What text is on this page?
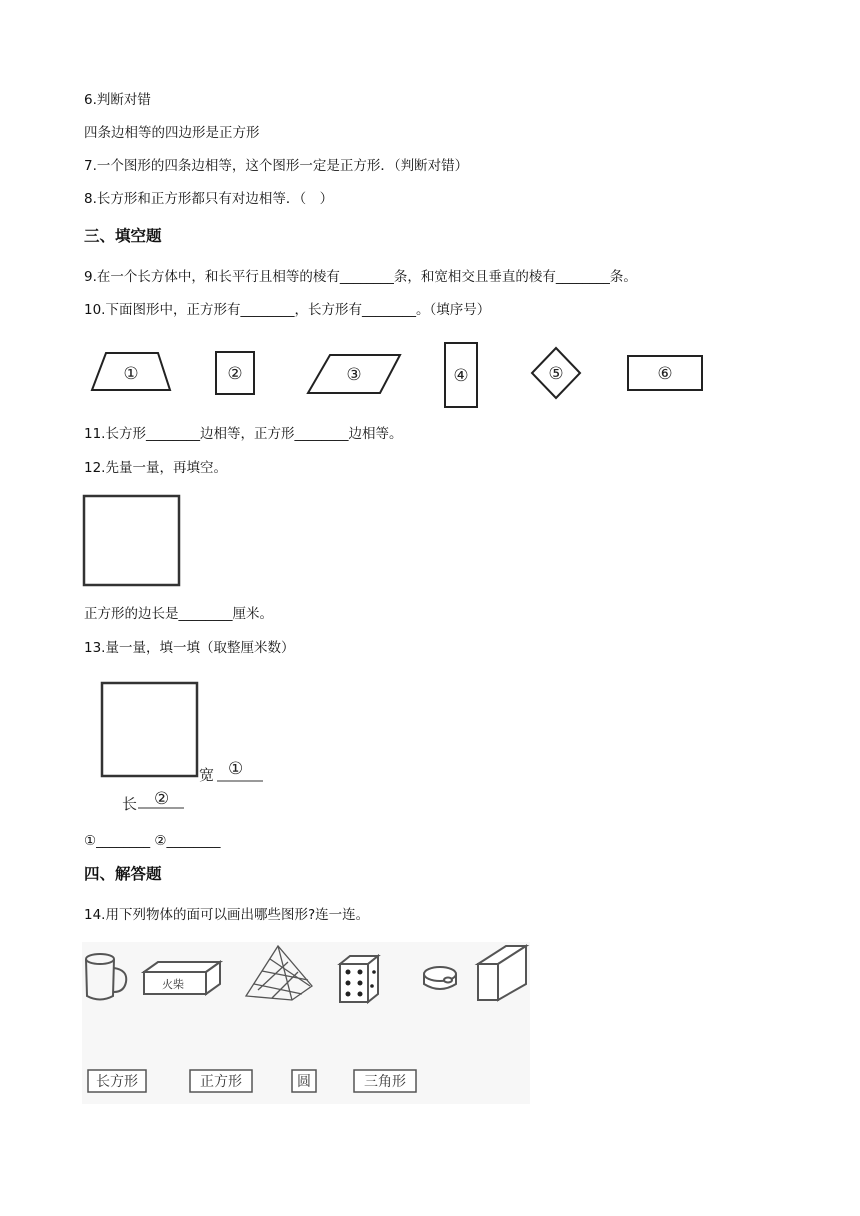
6.判断对错
四条边相等的四边形是正方形
7.一个图形的四条边相等，这个图形一定是正方形．（判断对错）
8.长方形和正方形都只有对边相等．（　）
三、填空题
9.在一个长方体中，和长平行且相等的棱有________条，和宽相交且垂直的棱有________条。
10.下面图形中，正方形有________，长方形有________。（填序号）
①	②	③	④	⑤	⑥
11.长方形________边相等，正方形________边相等。
12.先量一量，再填空。
正方形的边长是________厘米。
13.量一量，填一填（取整厘米数）
宽 ①
长 ②
①________ ②________
四、解答题
14.用下列物体的面可以画出哪些图形?连一连。
火柴
长方形	正方形	圆	三角形
